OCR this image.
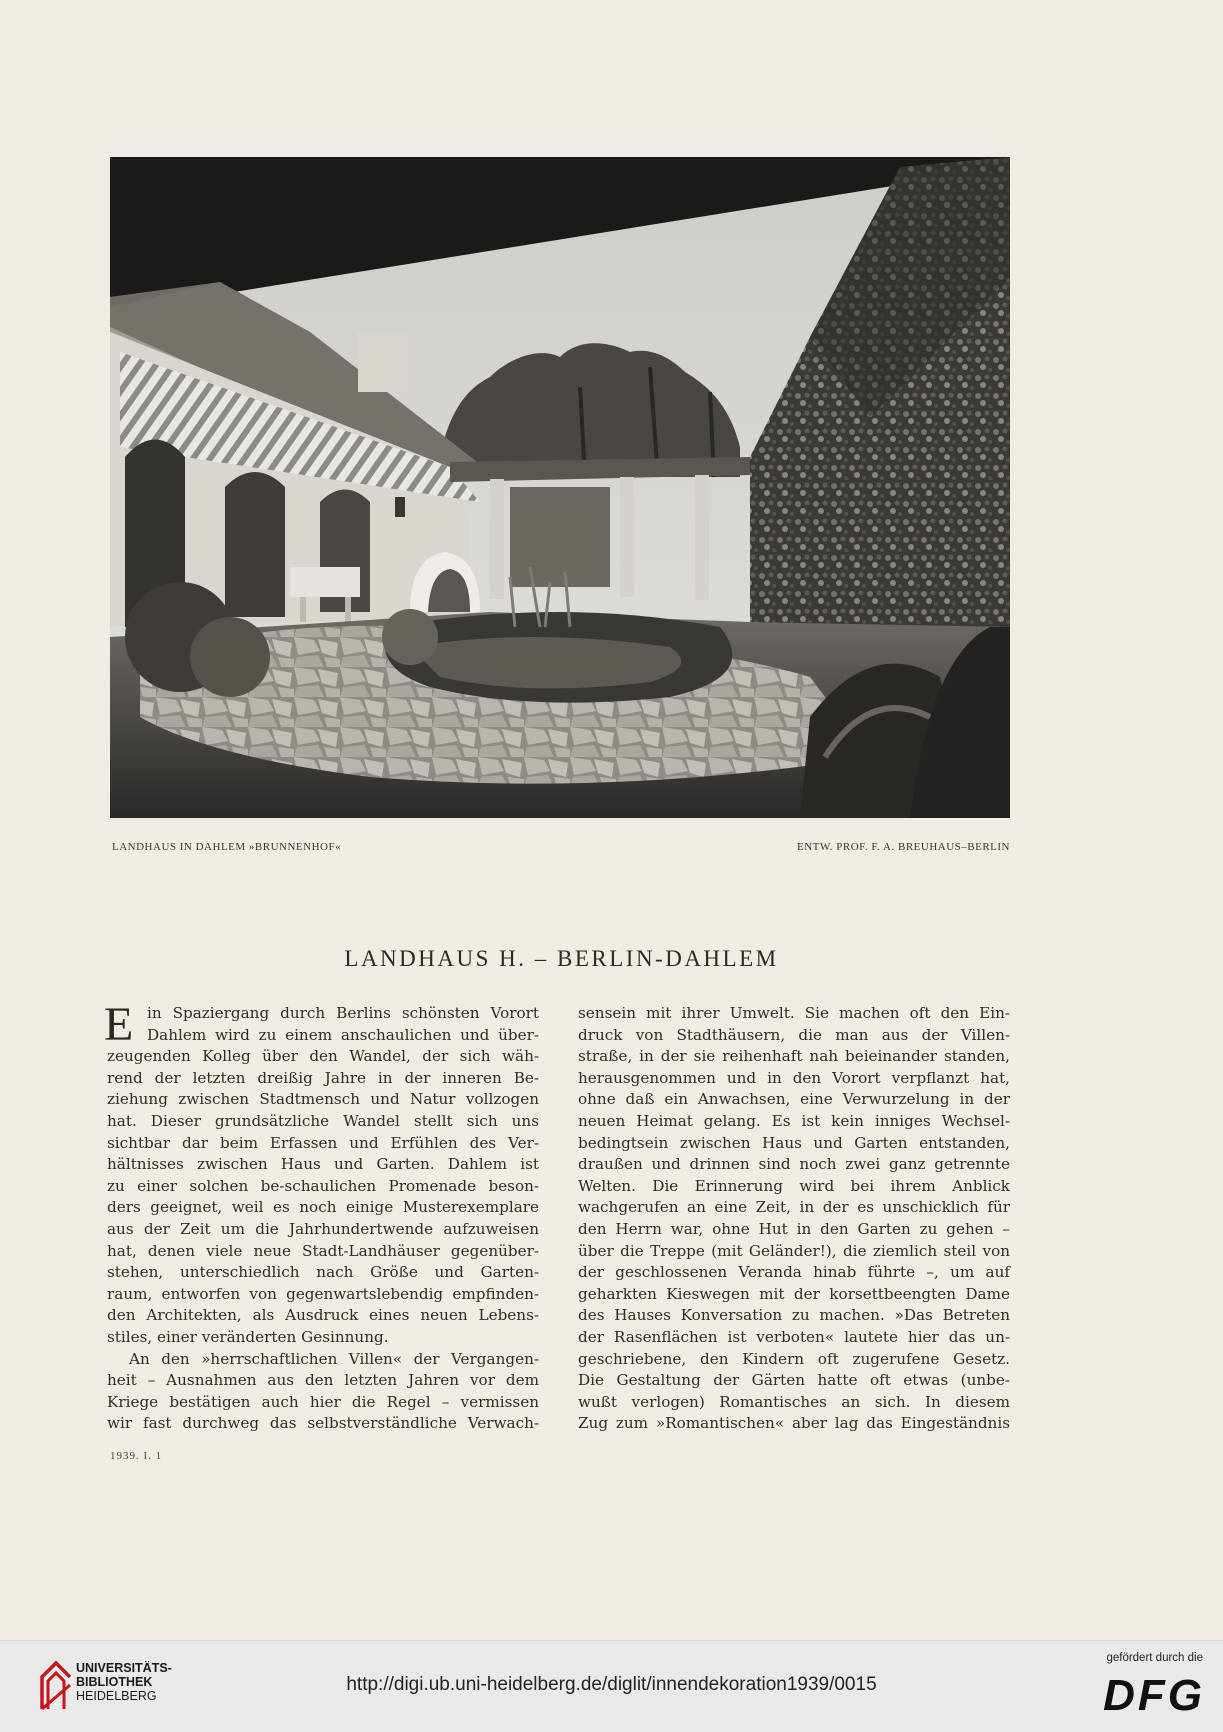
LANDHAUS IN DAHLEM »BRUNNENHOF«	ENTW. PROF. F. A. BREUHAUS–BERLIN
LANDHAUS H. – BERLIN-DAHLEM
E in Spaziergang durch Berlins schönsten Vorort
Dahlem wird zu einem anschaulichen und über-
zeugenden Kolleg über den Wandel, der sich wäh-
rend der letzten dreißig Jahre in der inneren Be-
ziehung zwischen Stadtmensch und Natur vollzogen
hat. Dieser grundsätzliche Wandel stellt sich uns
sichtbar dar beim Erfassen und Erfühlen des Ver-
hältnisses zwischen Haus und Garten. Dahlem ist
zu einer solchen be-schaulichen Promenade beson-
ders geeignet, weil es noch einige Musterexemplare
aus der Zeit um die Jahrhundertwende aufzuweisen
hat, denen viele neue Stadt-Landhäuser gegenüber-
stehen, unterschiedlich nach Größe und Garten-
raum, entworfen von gegenwartslebendig empfinden-
den Architekten, als Ausdruck eines neuen Lebens-
stiles, einer veränderten Gesinnung.
An den »herrschaftlichen Villen« der Vergangen-
heit – Ausnahmen aus den letzten Jahren vor dem
Kriege bestätigen auch hier die Regel – vermissen
wir fast durchweg das selbstverständliche Verwach-
sensein mit ihrer Umwelt. Sie machen oft den Ein-
druck von Stadthäusern, die man aus der Villen-
straße, in der sie reihenhaft nah beieinander standen,
herausgenommen und in den Vorort verpflanzt hat,
ohne daß ein Anwachsen, eine Verwurzelung in der
neuen Heimat gelang. Es ist kein inniges Wechsel-
bedingtsein zwischen Haus und Garten entstanden,
draußen und drinnen sind noch zwei ganz getrennte
Welten. Die Erinnerung wird bei ihrem Anblick
wachgerufen an eine Zeit, in der es unschicklich für
den Herrn war, ohne Hut in den Garten zu gehen –
über die Treppe (mit Geländer!), die ziemlich steil von
der geschlossenen Veranda hinab führte –, um auf
geharkten Kieswegen mit der korsettbeengten Dame
des Hauses Konversation zu machen. »Das Betreten
der Rasenflächen ist verboten« lautete hier das un-
geschriebene, den Kindern oft zugerufene Gesetz.
Die Gestaltung der Gärten hatte oft etwas (unbe-
wußt verlogen) Romantisches an sich. In diesem
Zug zum »Romantischen« aber lag das Eingeständnis
1939. I. 1
UNIVERSITÄTS-
BIBLIOTHEK
HEIDELBERG
http://digi.ub.uni-heidelberg.de/diglit/innendekoration1939/0015
gefördert durch die
DFG
